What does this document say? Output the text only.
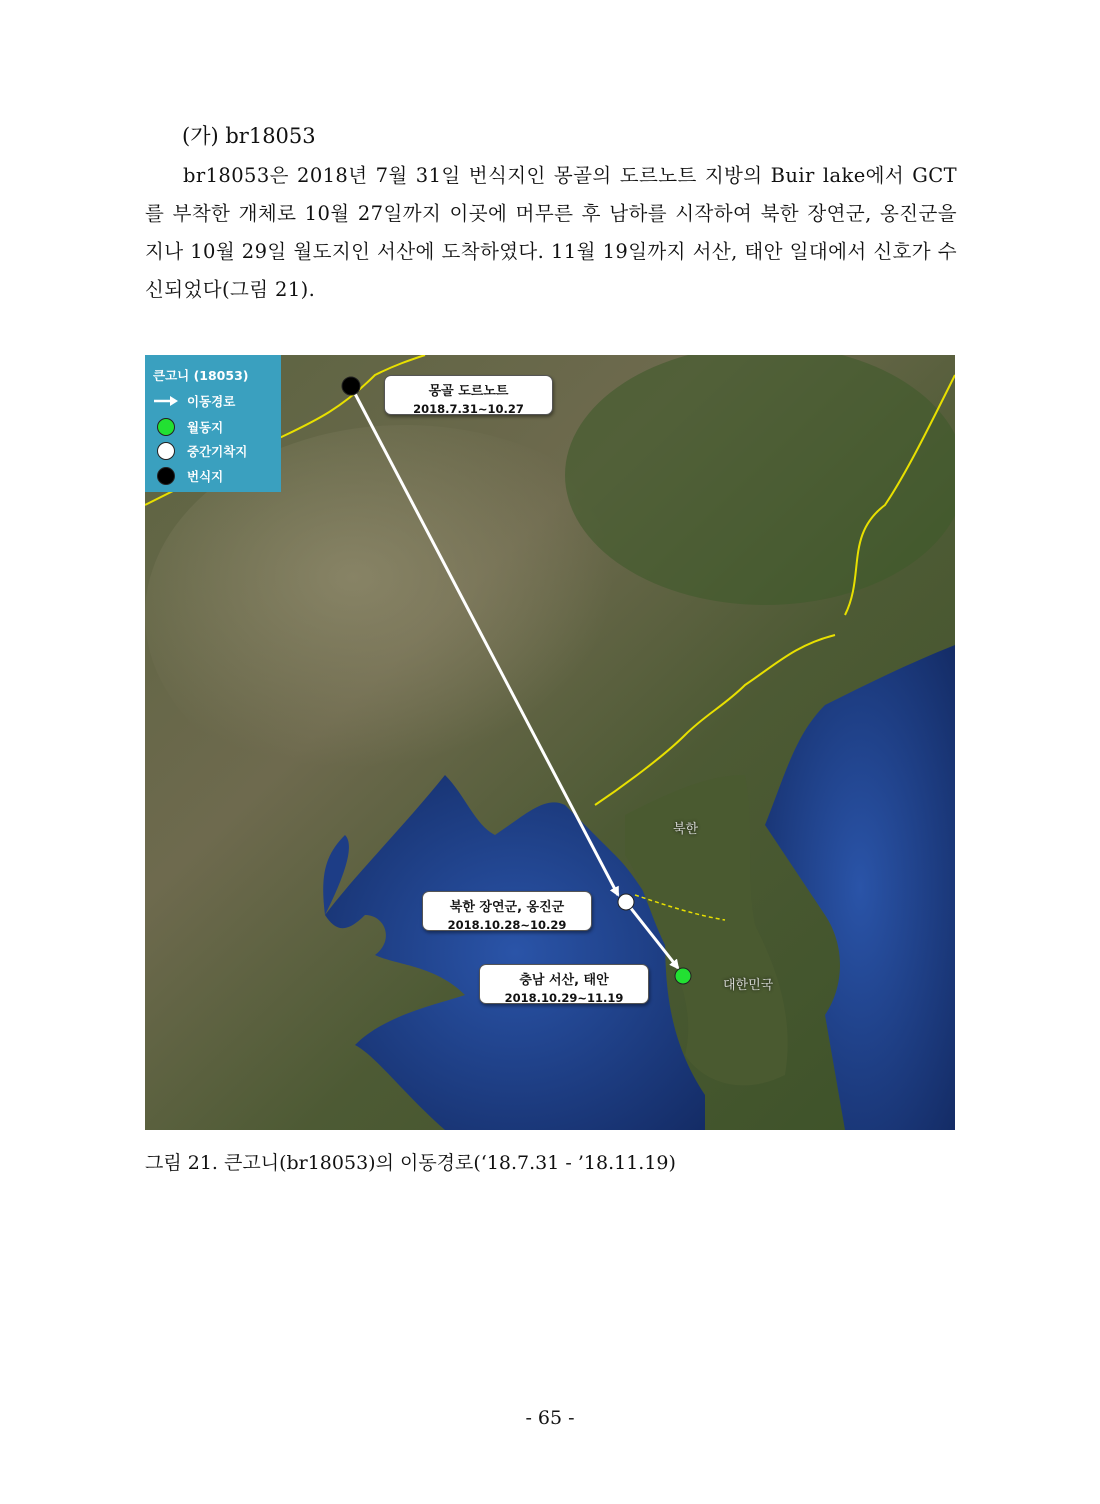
(가) br18053

br18053은 2018년 7월 31일 번식지인 몽골의 도르노트 지방의 Buir lake에서 GCT를 부착한 개체로 10월 27일까지 이곳에 머무른 후 남하를 시작하여 북한 장연군, 옹진군을 지나 10월 29일 월도지인 서산에 도착하였다. 11월 19일까지 서산, 태안 일대에서 신호가 수신되었다(그림 21).

큰고니 (18053)
이동경로
월동지
중간기착지
번식지
몽골 도르노트
2018.7.31~10.27
북한 장연군, 옹진군
2018.10.28~10.29
충남 서산, 태안
2018.10.29~11.19
북한
대한민국

그림 21. 큰고니(br18053)의 이동경로(‘18.7.31 - ’18.11.19)

- 65 -
